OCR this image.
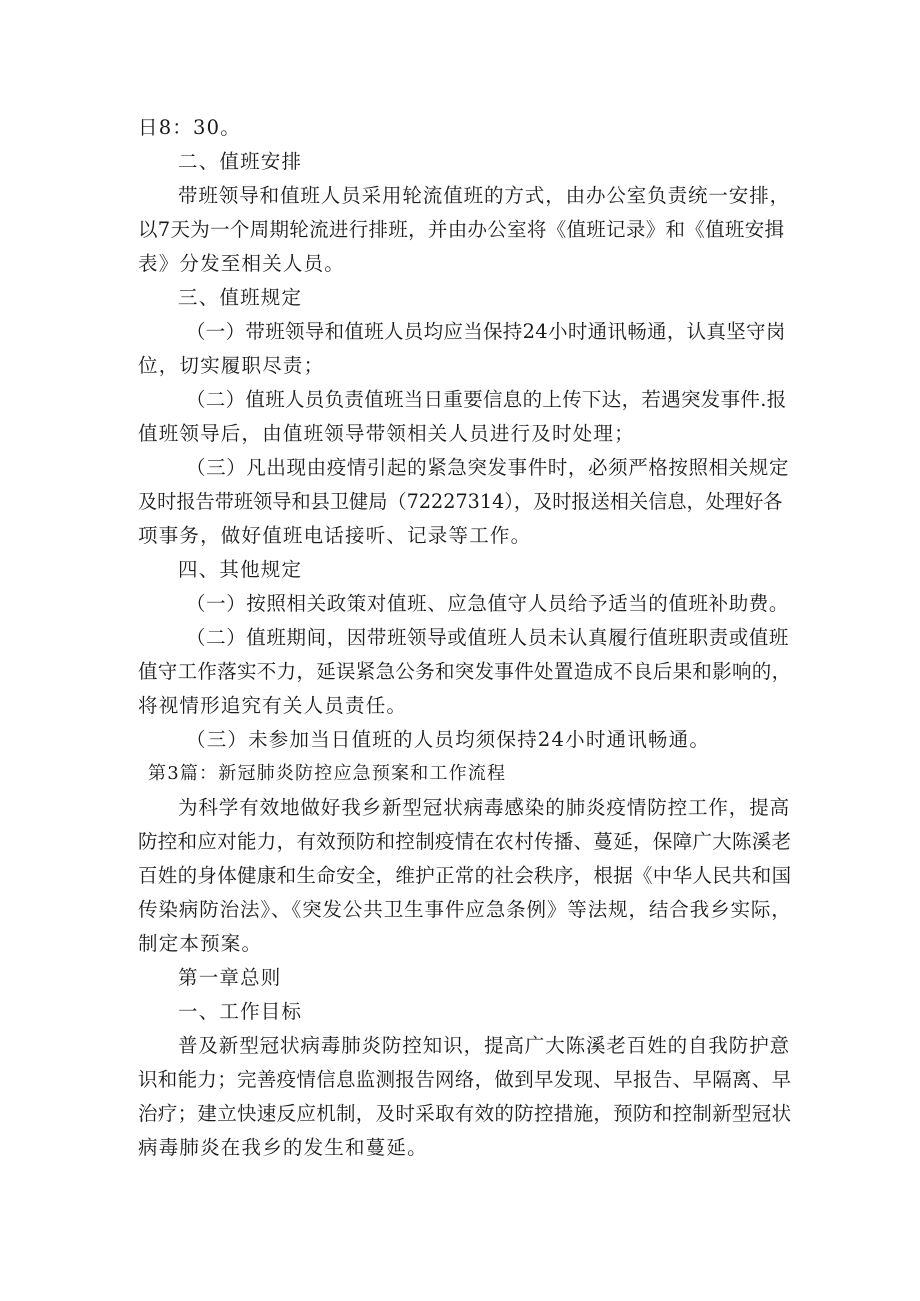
日8：30。
二、值班安排
带班领导和值班人员采用轮流值班的方式，由办公室负责统一安排，
以7天为一个周期轮流进行排班，并由办公室将《值班记录》和《值班安揖
表》分发至相关人员。
三、值班规定
（一）带班领导和值班人员均应当保持24小时通讯畅通，认真坚守岗
位，切实履职尽责；
（二）值班人员负责值班当日重要信息的上传下达，若遇突发事件.报
值班领导后，由值班领导带领相关人员进行及时处理；
（三）凡出现由疫情引起的紧急突发事件时，必须严格按照相关规定
及时报告带班领导和县卫健局（72227314），及时报送相关信息，处理好各
项事务，做好值班电话接听、记录等工作。
四、其他规定
（一）按照相关政策对值班、应急值守人员给予适当的值班补助费。
（二）值班期间，因带班领导或值班人员未认真履行值班职责或值班
值守工作落实不力，延误紧急公务和突发事件处置造成不良后果和影响的，
将视情形追究有关人员责任。
（三）未参加当日值班的人员均须保持24小时通讯畅通。
第3篇：新冠肺炎防控应急预案和工作流程
为科学有效地做好我乡新型冠状病毒感染的肺炎疫情防控工作，提高
防控和应对能力，有效预防和控制疫情在农村传播、蔓延，保障广大陈溪老
百姓的身体健康和生命安全，维护正常的社会秩序，根据《中华人民共和国
传染病防治法》、《突发公共卫生事件应急条例》等法规，结合我乡实际，
制定本预案。
第一章总则
一、工作目标
普及新型冠状病毒肺炎防控知识，提高广大陈溪老百姓的自我防护意
识和能力；完善疫情信息监测报告网络，做到早发现、早报告、早隔离、早
治疗；建立快速反应机制，及时采取有效的防控措施，预防和控制新型冠状
病毒肺炎在我乡的发生和蔓延。
